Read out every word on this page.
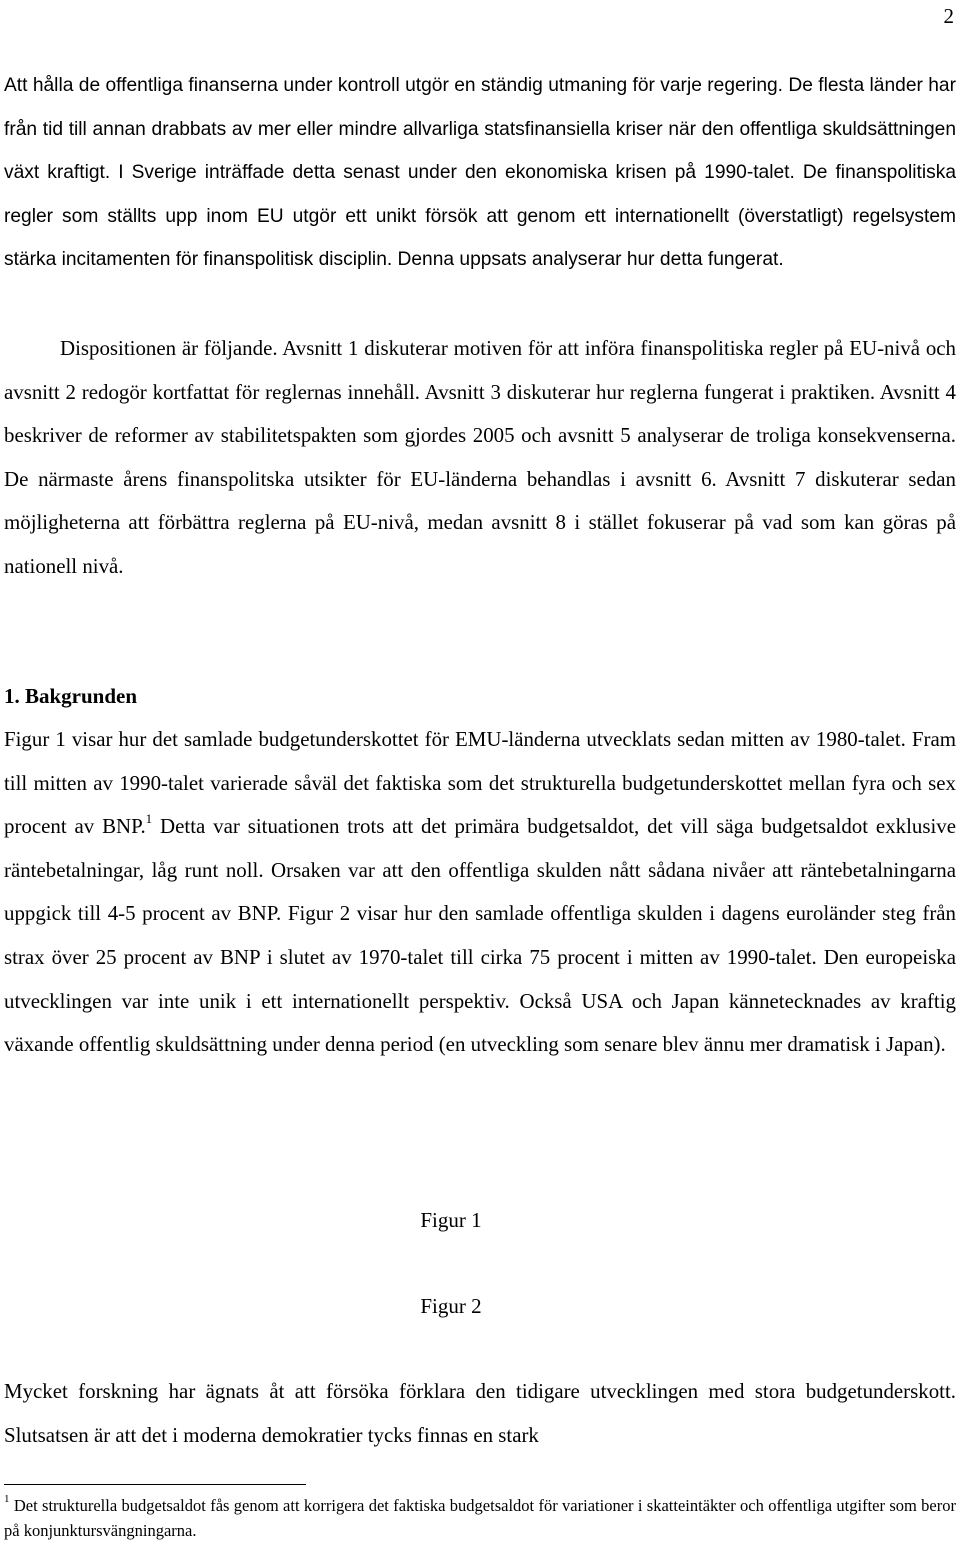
2

Att hålla de offentliga finanserna under kontroll utgör en ständig utmaning för varje regering. De flesta länder har från tid till annan drabbats av mer eller mindre allvarliga statsfinansiella kriser när den offentliga skuldsättningen växt kraftigt. I Sverige inträffade detta senast under den ekonomiska krisen på 1990-talet. De finanspolitiska regler som ställts upp inom EU utgör ett unikt försök att genom ett internationellt (överstatligt) regelsystem stärka incitamenten för finanspolitisk disciplin. Denna uppsats analyserar hur detta fungerat.

Dispositionen är följande. Avsnitt 1 diskuterar motiven för att införa finanspolitiska regler på EU-nivå och avsnitt 2 redogör kortfattat för reglernas innehåll. Avsnitt 3 diskuterar hur reglerna fungerat i praktiken. Avsnitt 4 beskriver de reformer av stabilitetspakten som gjordes 2005 och avsnitt 5 analyserar de troliga konsekvenserna. De närmaste årens finanspolitska utsikter för EU-länderna behandlas i avsnitt 6. Avsnitt 7 diskuterar sedan möjligheterna att förbättra reglerna på EU-nivå, medan avsnitt 8 i stället fokuserar på vad som kan göras på nationell nivå.

1. Bakgrunden

Figur 1 visar hur det samlade budgetunderskottet för EMU-länderna utvecklats sedan mitten av 1980-talet. Fram till mitten av 1990-talet varierade såväl det faktiska som det strukturella budgetunderskottet mellan fyra och sex procent av BNP.$^1$ Detta var situationen trots att det primära budgetsaldot, det vill säga budgetsaldot exklusive räntebetalningar, låg runt noll. Orsaken var att den offentliga skulden nått sådana nivåer att räntebetalningarna uppgick till 4-5 procent av BNP. Figur 2 visar hur den samlade offentliga skulden i dagens euroländer steg från strax över 25 procent av BNP i slutet av 1970-talet till cirka 75 procent i mitten av 1990-talet. Den europeiska utvecklingen var inte unik i ett internationellt perspektiv. Också USA och Japan kännetecknades av kraftig växande offentlig skuldsättning under denna period (en utveckling som senare blev ännu mer dramatisk i Japan).

Figur 1
Figur 2

Mycket forskning har ägnats åt att försöka förklara den tidigare utvecklingen med stora budgetunderskott. Slutsatsen är att det i moderna demokratier tycks finnas en stark

$^1$ Det strukturella budgetsaldot fås genom att korrigera det faktiska budgetsaldot för variationer i skatteintäkter och offentliga utgifter som beror på konjunktursvängningarna.
